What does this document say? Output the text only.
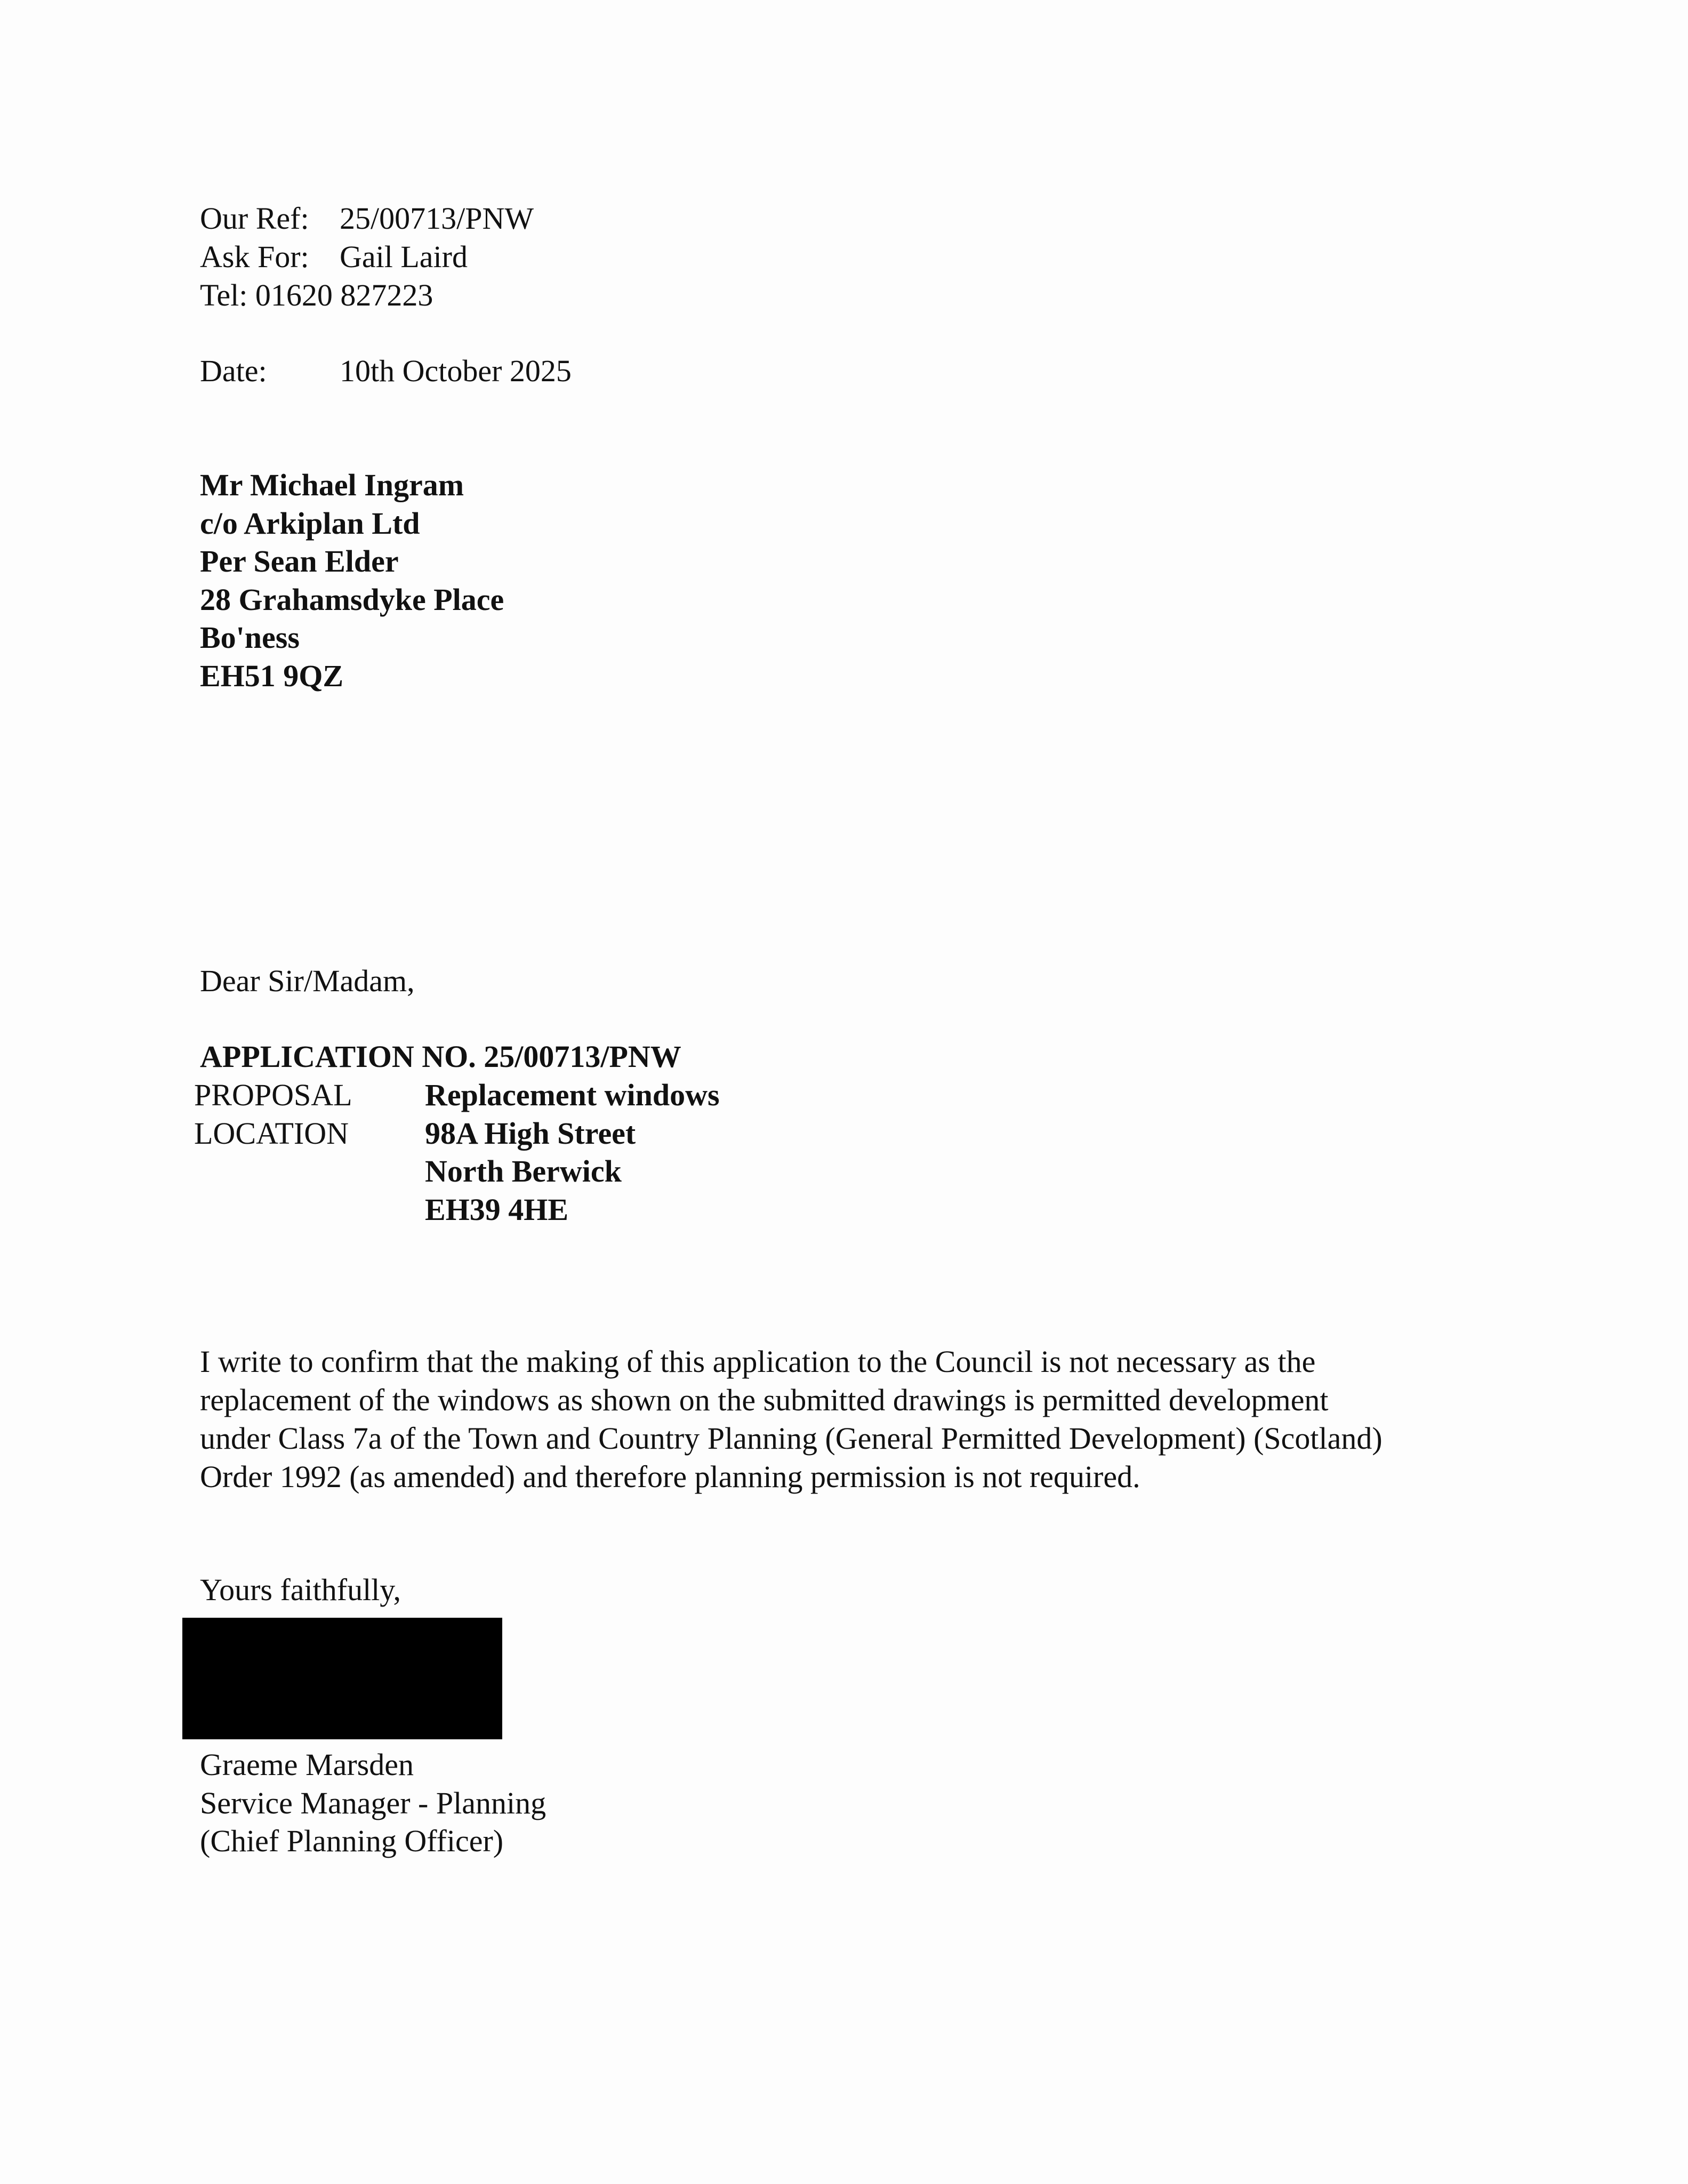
Our Ref: 25/00713/PNW
Ask For: Gail Laird
Tel: 01620 827223
Date: 10th October 2025
Mr Michael Ingram
c/o Arkiplan Ltd
Per Sean Elder
28 Grahamsdyke Place
Bo'ness
EH51 9QZ
Dear Sir/Madam,
APPLICATION NO. 25/00713/PNW
PROPOSAL Replacement windows
LOCATION 98A High Street
North Berwick
EH39 4HE
I write to confirm that the making of this application to the Council is not necessary as the
replacement of the windows as shown on the submitted drawings is permitted development
under Class 7a of the Town and Country Planning (General Permitted Development) (Scotland)
Order 1992 (as amended) and therefore planning permission is not required.
Yours faithfully,
Graeme Marsden
Service Manager - Planning
(Chief Planning Officer)
